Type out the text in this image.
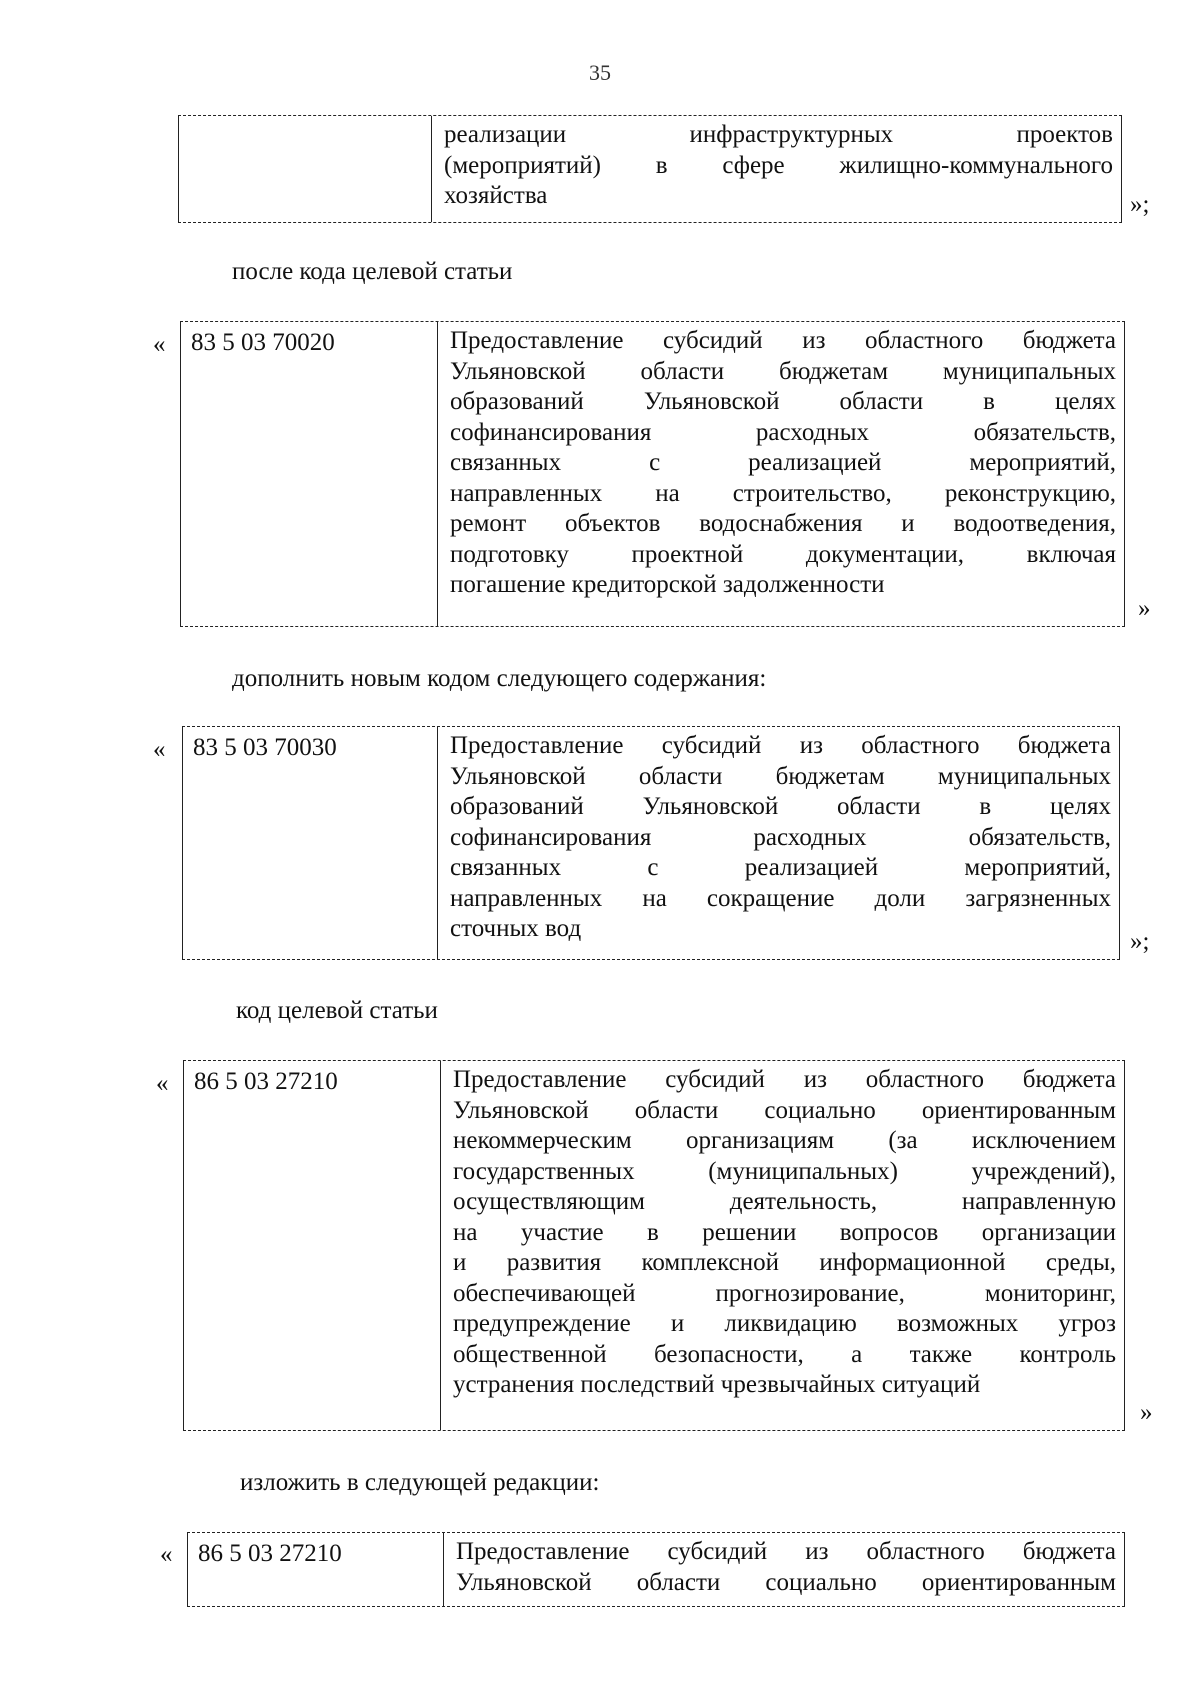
35
реализации инфраструктурных проектов
(мероприятий) в сфере жилищно-коммунального
хозяйства	»;
после кода целевой статьи
«	83 5 03 70020	Предоставление субсидий из областного бюджета
Ульяновской области бюджетам муниципальных
образований Ульяновской области в целях
софинансирования расходных обязательств,
связанных с реализацией мероприятий,
направленных на строительство, реконструкцию,
ремонт объектов водоснабжения и водоотведения,
подготовку проектной документации, включая
погашение кредиторской задолженности
»
дополнить новым кодом следующего содержания:
«	83 5 03 70030	Предоставление субсидий из областного бюджета
Ульяновской области бюджетам муниципальных
образований Ульяновской области в целях
софинансирования расходных обязательств,
связанных с реализацией мероприятий,
направленных на сокращение доли загрязненных
сточных вод	»;
код целевой статьи
«	86 5 03 27210	Предоставление субсидий из областного бюджета
Ульяновской области социально ориентированным
некоммерческим организациям (за исключением
государственных (муниципальных) учреждений),
осуществляющим деятельность, направленную
на участие в решении вопросов организации
и развития комплексной информационной среды,
обеспечивающей прогнозирование, мониторинг,
предупреждение и ликвидацию возможных угроз
общественной безопасности, а также контроль
устранения последствий чрезвычайных ситуаций
»
изложить в следующей редакции:
«	86 5 03 27210	Предоставление субсидий из областного бюджета
Ульяновской области социально ориентированным
